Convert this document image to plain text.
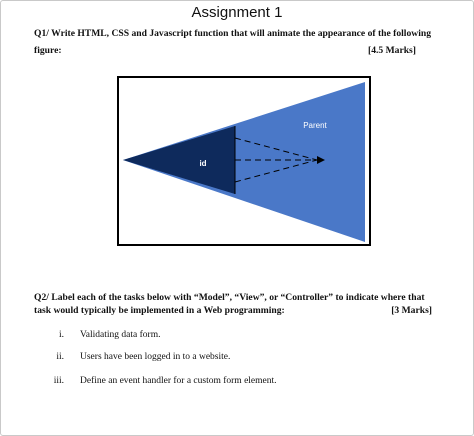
Assignment 1
Q1/ Write HTML, CSS and Javascript function that will animate the appearance of the following
figure:	[4.5 Marks]
Parent
id
Q2/ Label each of the tasks below with “Model”, “View”, or “Controller” to indicate where that
task would typically be implemented in a Web programming:	[3 Marks]
i. Validating data form.
ii. Users have been logged in to a website.
iii. Define an event handler for a custom form element.
